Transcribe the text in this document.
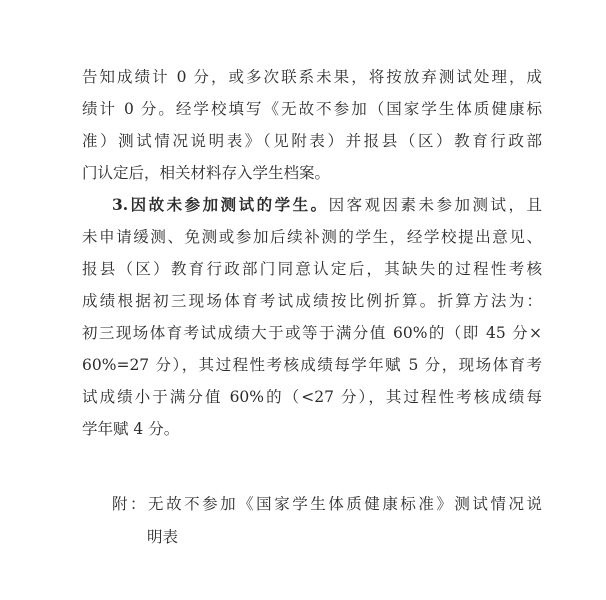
告知成绩计 0 分，或多次联系未果，将按放弃测试处理，成
绩计 0 分。经学校填写《无故不参加（国家学生体质健康标
准）测试情况说明表》（见附表）并报县（区）教育行政部
门认定后，相关材料存入学生档案。
3.因故未参加测试的学生。因客观因素未参加测试，且
未申请缓测、免测或参加后续补测的学生，经学校提出意见、
报县（区）教育行政部门同意认定后，其缺失的过程性考核
成绩根据初三现场体育考试成绩按比例折算。折算方法为：
初三现场体育考试成绩大于或等于满分值 60%的（即 45 分×
60%=27 分），其过程性考核成绩每学年赋 5 分，现场体育考
试成绩小于满分值 60%的（<27 分），其过程性考核成绩每
学年赋 4 分。
附：无故不参加《国家学生体质健康标准》测试情况说
明表
